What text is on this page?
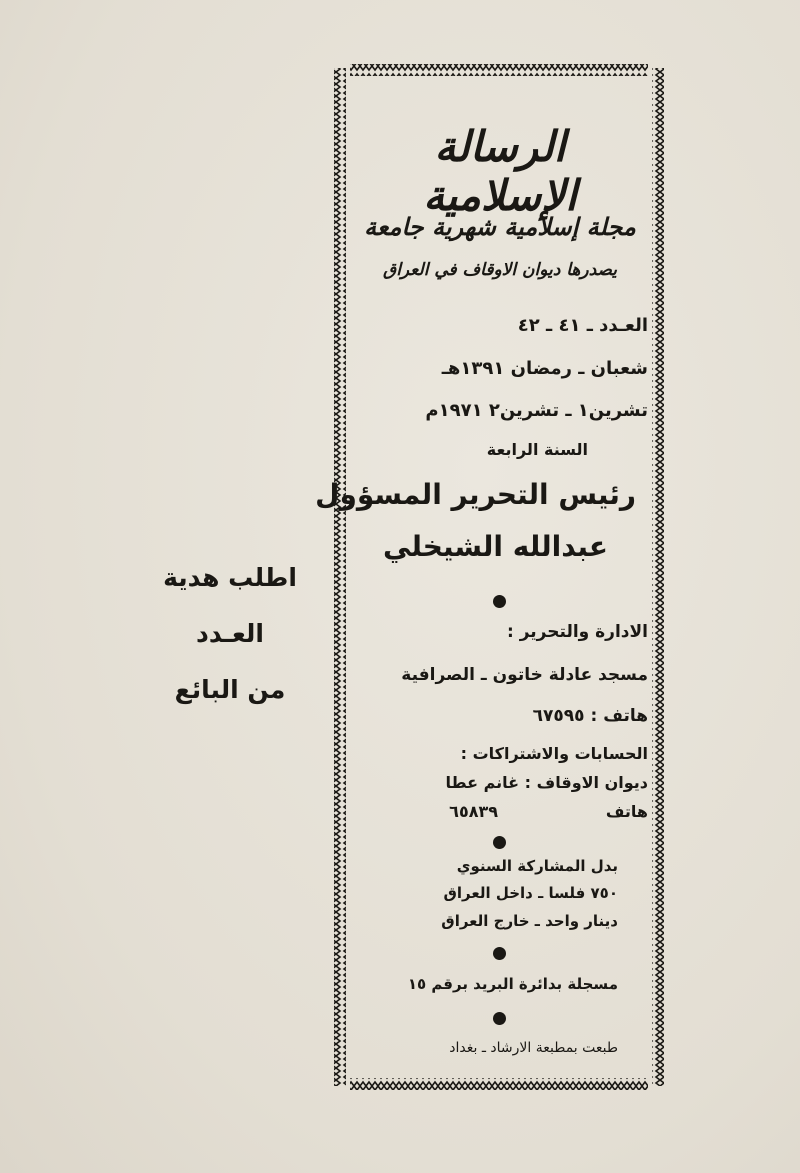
الرسالة الإسلامية
مجلة إسلامية شهرية جامعة
يصدرها ديوان الاوقاف في العراق
العـدد ـ ٤١ ـ ٤٢
شعبان ـ رمضان ١٣٩١هـ
تشرين١ ـ تشرين٢ ١٩٧١م
السنة الرابعة
رئيس التحرير المسؤول
عبدالله الشيخلي
الادارة والتحرير :
مسجد عادلة خاتون ـ الصرافية
هاتف : ٦٧٥٩٥
الحسابات والاشتراكات :
ديوان الاوقاف : غانم عطا
هاتف
٦٥٨٣٩
بدل المشاركة السنوي
٧٥٠ فلسا ـ داخل العراق
دينار واحد ـ خارج العراق
مسجلة بدائرة البريد برقم ١٥
طبعت بمطبعة الارشاد ـ بغداد
اطلب هدية العـدد
من البائع
